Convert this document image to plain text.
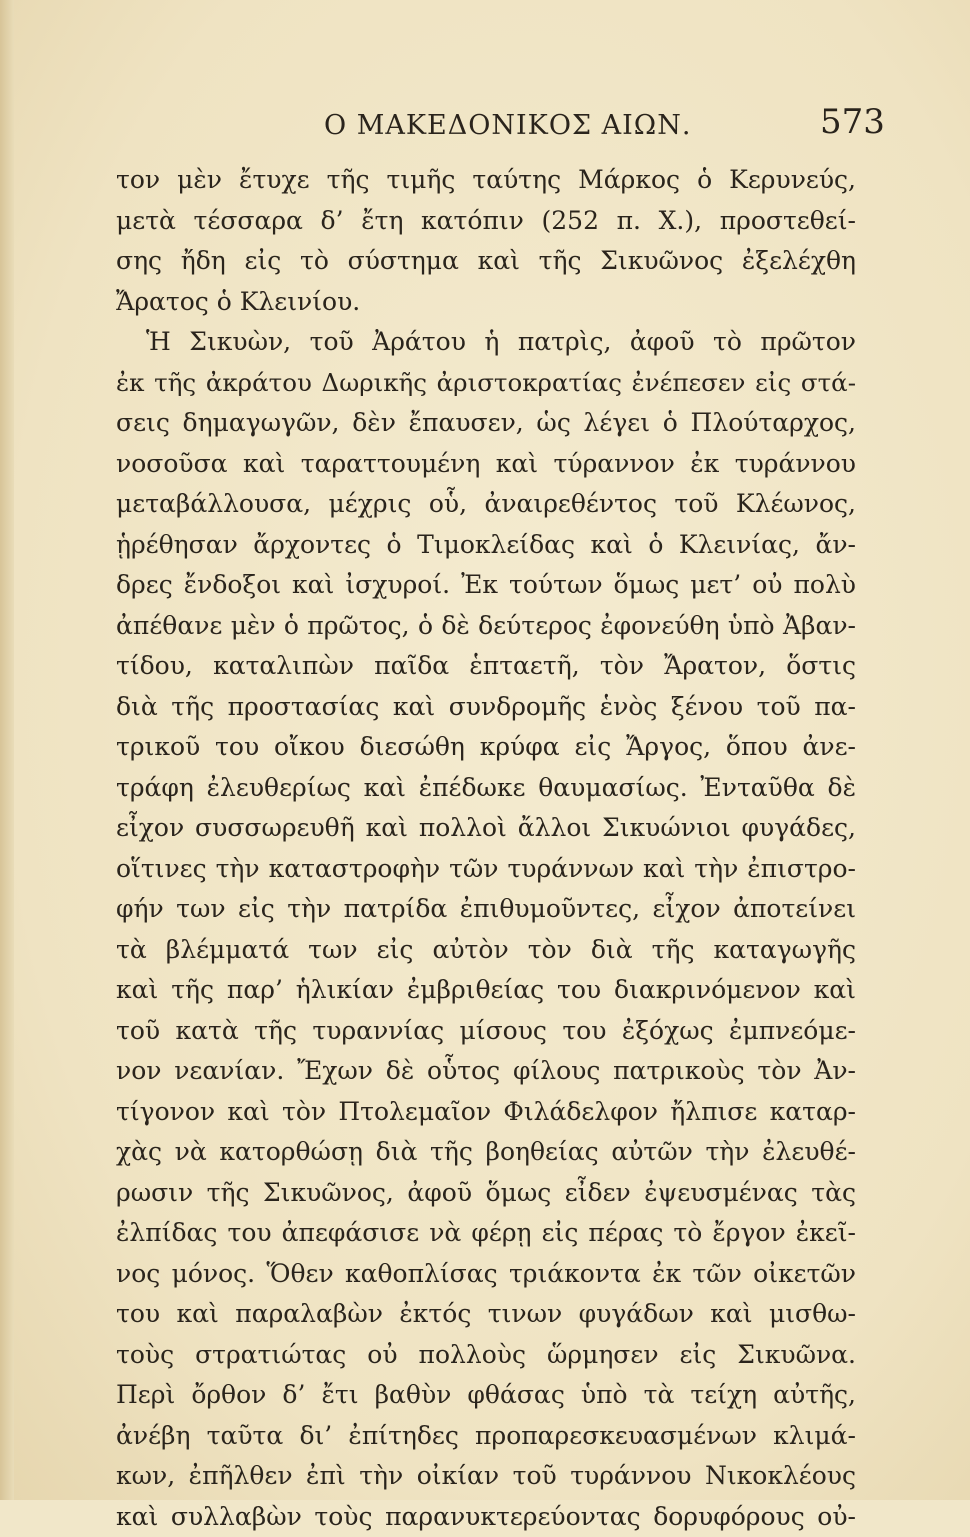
Ο ΜΑΚΕΔΟΝΙΚΟΣ ΑΙΩΝ.	573
τον μὲν ἔτυχε τῆς τιμῆς ταύτης Μάρκος ὁ Κερυνεύς,
μετὰ τέσσαρα δ’ ἔτη κατόπιν (252 π. Χ.), προστεθεί-
σης ἤδη εἰς τὸ σύστημα καὶ τῆς Σικυῶνος ἐξελέχθη
Ἄρατος ὁ Κλεινίου.
Ἡ Σικυὼν, τοῦ Ἀράτου ἡ πατρὶς, ἀφοῦ τὸ πρῶτον
ἐκ τῆς ἀκράτου Δωρικῆς ἀριστοκρατίας ἐνέπεσεν εἰς στά-
σεις δημαγωγῶν, δὲν ἔπαυσεν, ὡς λέγει ὁ Πλούταρχος,
νοσοῦσα καὶ ταραττουμένη καὶ τύραννον ἐκ τυράννου
μεταβάλλουσα, μέχρις οὗ, ἀναιρεθέντος τοῦ Κλέωνος,
ᾑρέθησαν ἄρχοντες ὁ Τιμοκλείδας καὶ ὁ Κλεινίας, ἄν-
δρες ἔνδοξοι καὶ ἰσχυροί. Ἐκ τούτων ὅμως μετ’ οὐ πολὺ
ἀπέθανε μὲν ὁ πρῶτος, ὁ δὲ δεύτερος ἐφονεύθη ὑπὸ Ἀβαν-
τίδου, καταλιπὼν παῖδα ἑπταετῆ, τὸν Ἄρατον, ὅστις
διὰ τῆς προστασίας καὶ συνδρομῆς ἑνὸς ξένου τοῦ πα-
τρικοῦ του οἴκου διεσώθη κρύφα εἰς Ἄργος, ὅπου ἀνε-
τράφη ἐλευθερίως καὶ ἐπέδωκε θαυμασίως. Ἐνταῦθα δὲ
εἶχον συσσωρευθῆ καὶ πολλοὶ ἄλλοι Σικυώνιοι φυγάδες,
οἵτινες τὴν καταστροφὴν τῶν τυράννων καὶ τὴν ἐπιστρο-
φήν των εἰς τὴν πατρίδα ἐπιθυμοῦντες, εἶχον ἀποτείνει
τὰ βλέμματά των εἰς αὐτὸν τὸν διὰ τῆς καταγωγῆς
καὶ τῆς παρ’ ἡλικίαν ἐμβριθείας του διακρινόμενον καὶ
τοῦ κατὰ τῆς τυραννίας μίσους του ἐξόχως ἐμπνεόμε-
νον νεανίαν. Ἔχων δὲ οὗτος φίλους πατρικοὺς τὸν Ἀν-
τίγονον καὶ τὸν Πτολεμαῖον Φιλάδελφον ἤλπισε καταρ-
χὰς νὰ κατορθώσῃ διὰ τῆς βοηθείας αὐτῶν τὴν ἐλευθέ-
ρωσιν τῆς Σικυῶνος, ἀφοῦ ὅμως εἶδεν ἐψευσμένας τὰς
ἐλπίδας του ἀπεφάσισε νὰ φέρῃ εἰς πέρας τὸ ἔργον ἐκεῖ-
νος μόνος. Ὅθεν καθοπλίσας τριάκοντα ἐκ τῶν οἰκετῶν
του καὶ παραλαβὼν ἐκτός τινων φυγάδων καὶ μισθω-
τοὺς στρατιώτας οὐ πολλοὺς ὥρμησεν εἰς Σικυῶνα.
Περὶ ὄρθον δ’ ἔτι βαθὺν φθάσας ὑπὸ τὰ τείχη αὐτῆς,
ἀνέβη ταῦτα δι’ ἐπίτηδες προπαρεσκευασμένων κλιμά-
κων, ἐπῆλθεν ἐπὶ τὴν οἰκίαν τοῦ τυράννου Νικοκλέους
καὶ συλλαβὼν τοὺς παρανυκτερεύοντας δορυφόρους οὐ-
